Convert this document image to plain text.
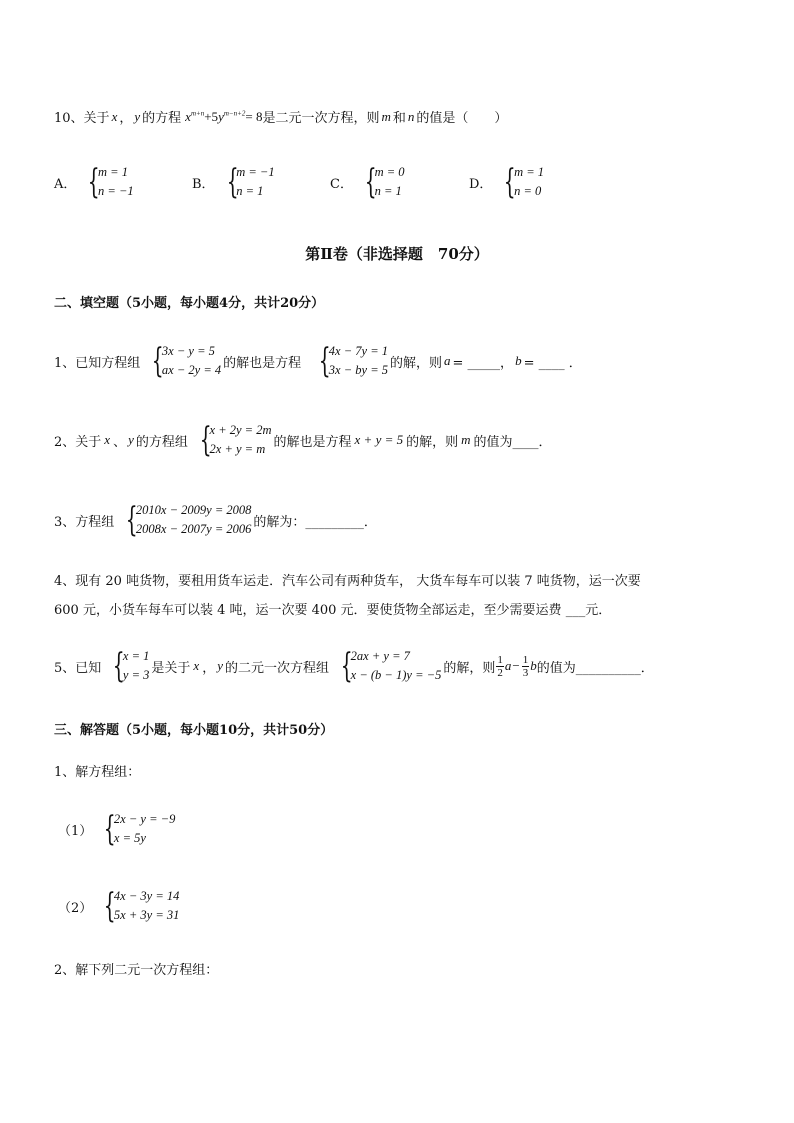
10、 关于 x ， y 的方程 $x^{m+n}+5y^{m-n+2}= 8$ 是二元一次方程，则 m 和 n 的值是（　　）
A． {
m = 1
n = −1	B． {
m = −1
n = 1	C． {
m = 0
n = 1	D． {
m = 1
n = 0
第Ⅱ卷（非选择题　70分）
二、填空题（5小题，每小题4分，共计20分）
1、已知方程组 {
3x − y = 5
ax − 2y = 4 的解也是方程 {
4x − 7y = 1
3x − by = 5 的解，则 a = _____， b = ____ ．
2、关于 x 、 y 的方程组 {
x + 2y = 2m
2x + y = m 的解也是方程 x + y = 5 的解，则 m 的值为____．
3、方程组 {
2010x − 2009y = 2008
2008x − 2007y = 2006 的解为：_________．
4、现有 20 吨货物，要租用货车运走．汽车公司有两种货车， 大货车每车可以装 7 吨货物，运一次要
600 元，小货车每车可以装 4 吨，运一次要 400 元．要使货物全部运走，至少需要运费 ___元．
5、已知 {
x = 1
y = 3 是关于 x ， y 的二元一次方程组 {
2ax + y = 7
x − (b − 1)y = −5 的解，则 $\frac{1}{2}$ $a - \frac{1}{3}$ b 的值为__________．
三、解答题（5小题，每小题10分，共计50分）
1、解方程组：
（1） {
2x − y = −9
x = 5y
（2） {
4x − 3y = 14
5x + 3y = 31
2、解下列二元一次方程组：
